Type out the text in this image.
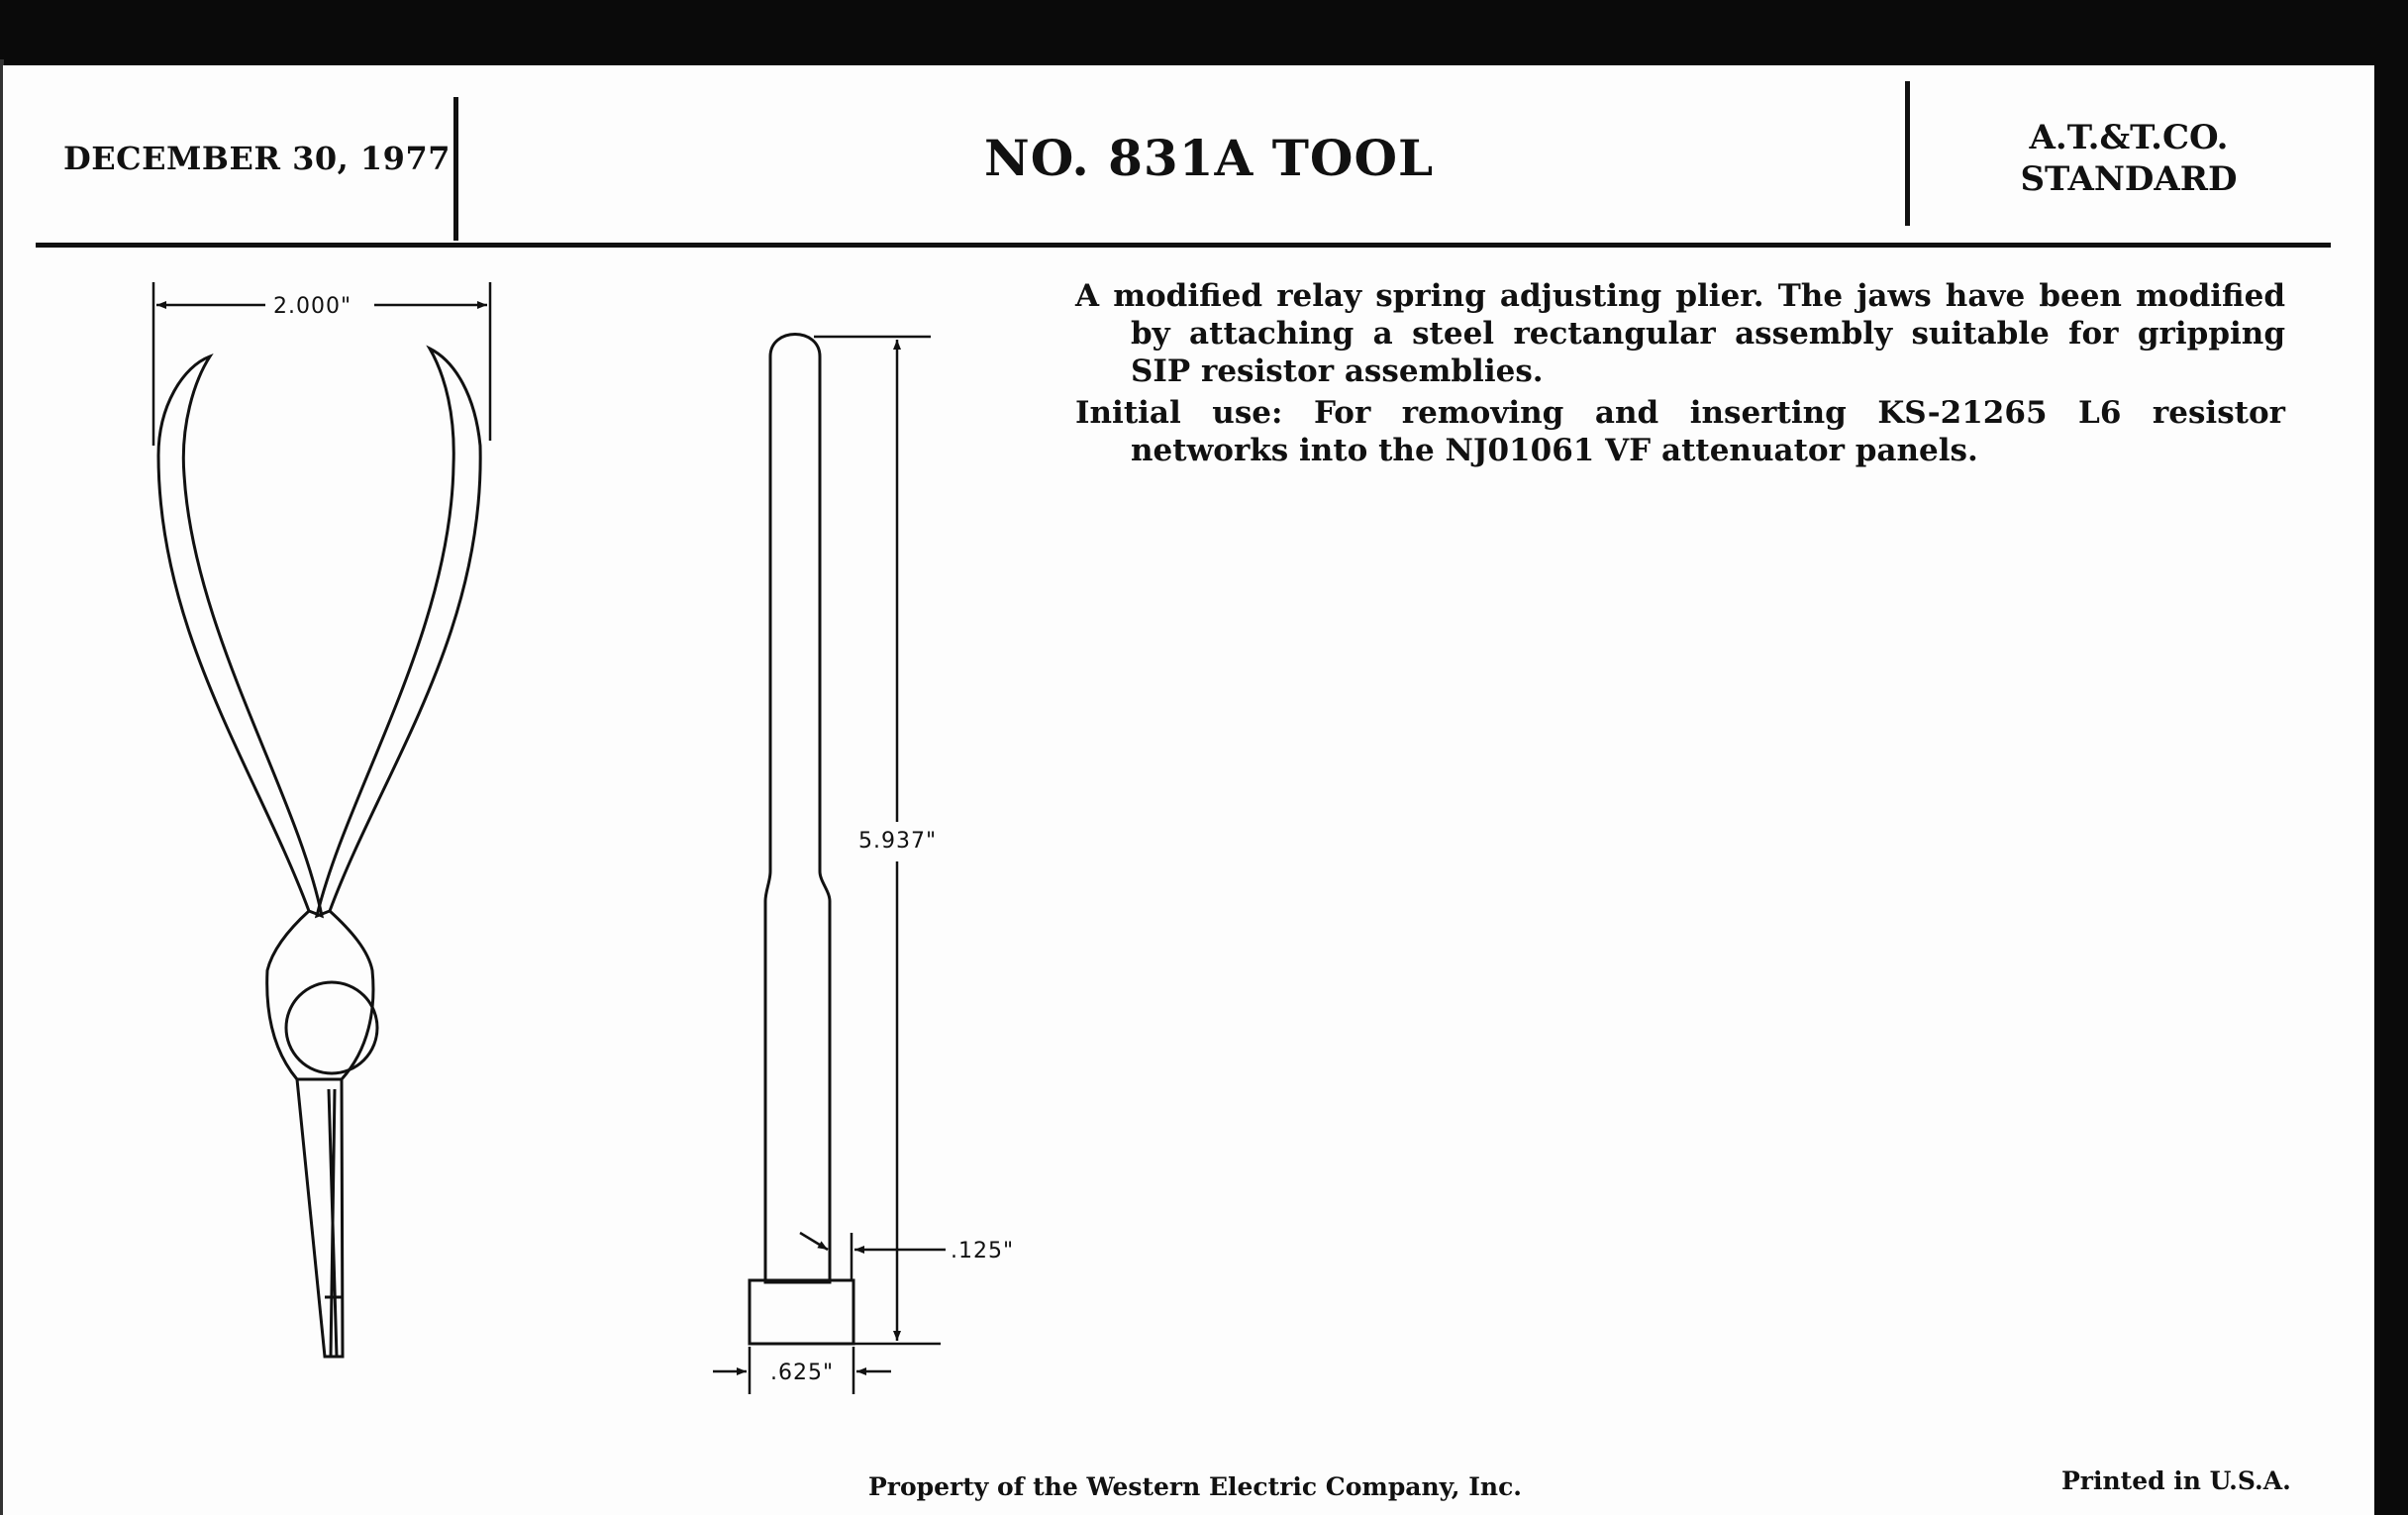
DECEMBER 30, 1977	NO. 831A TOOL	A.T.&T.CO.
STANDARD

A modified relay spring adjusting plier. The jaws have been modified by attaching a steel rectangular assembly suitable for gripping SIP resistor assemblies.

Initial use: For removing and inserting KS-21265 L6 resistor networks into the NJ01061 VF attenuator panels.

2.000"
5.937"
.125"
.625"
Property of the Western Electric Company, Inc.	Printed in U.S.A.
